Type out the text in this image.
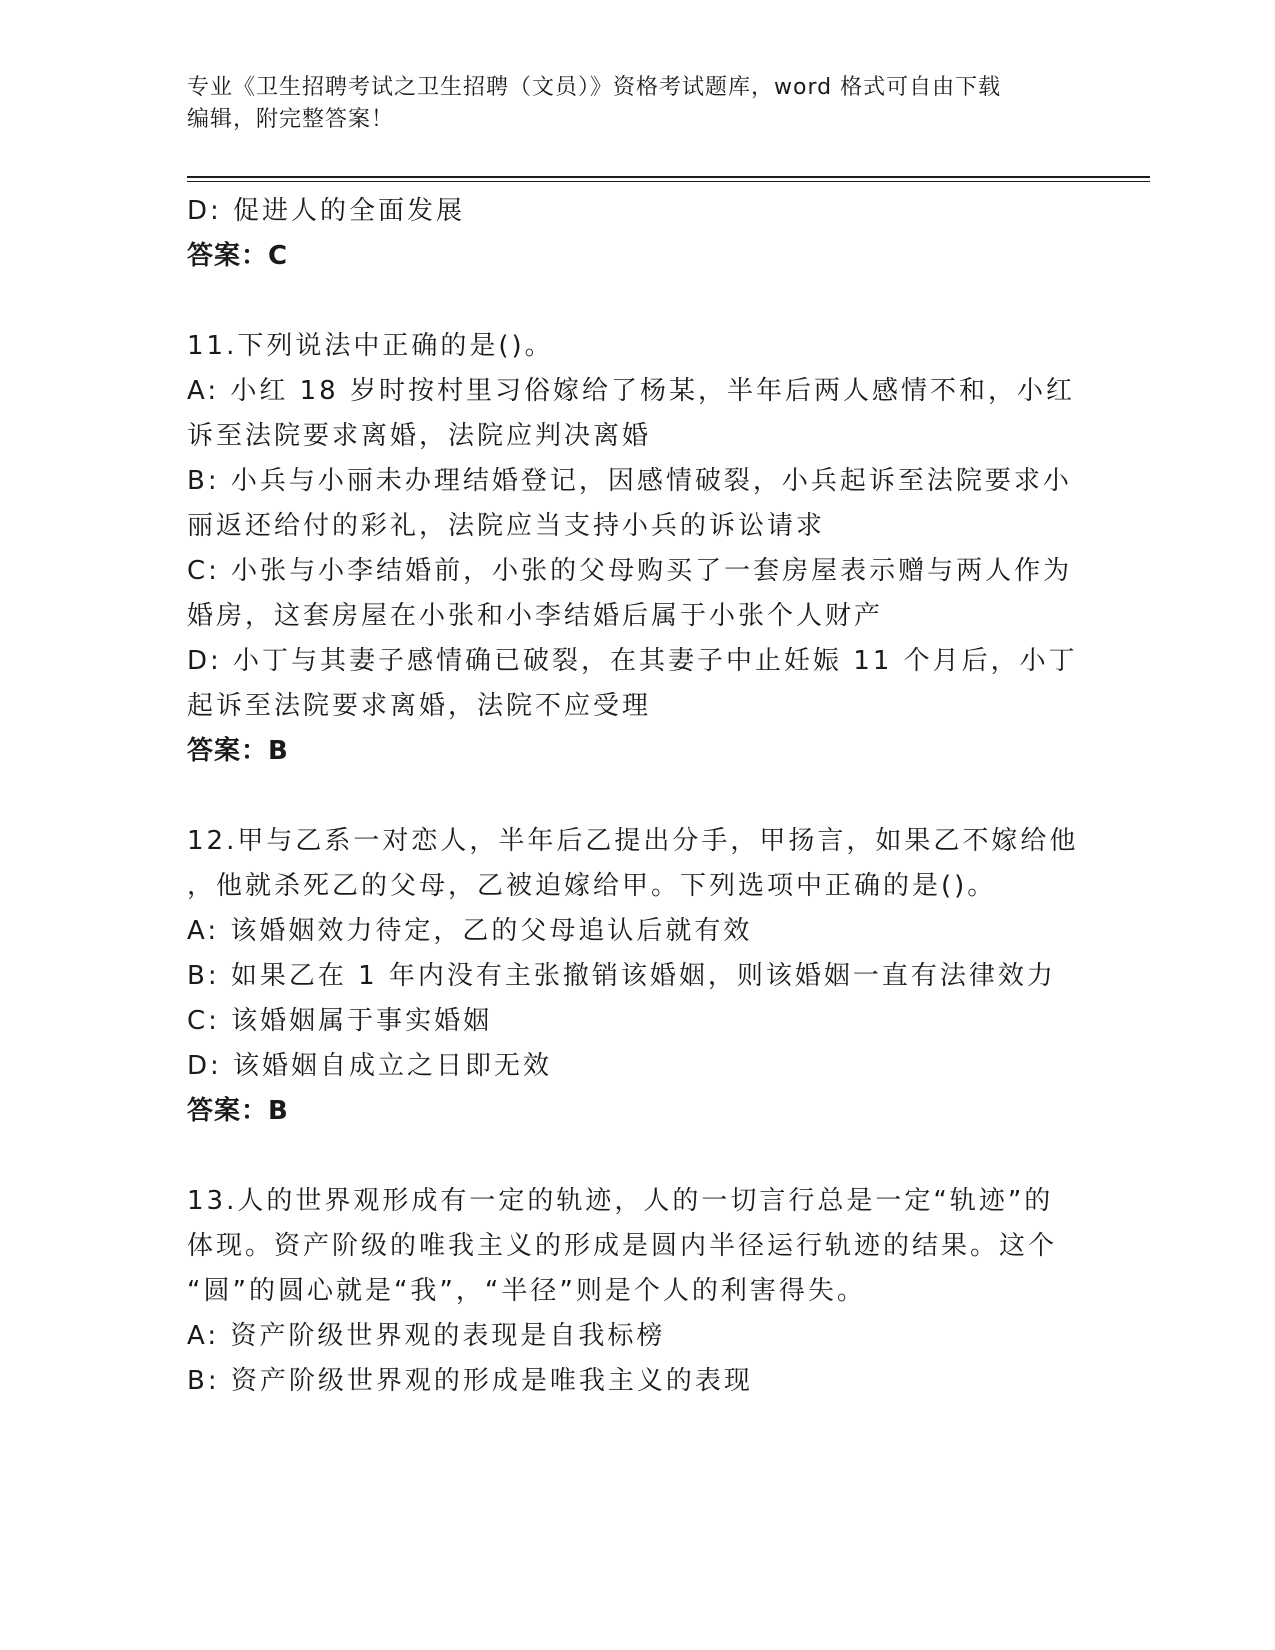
专业《卫生招聘考试之卫生招聘（文员）》资格考试题库，word 格式可自由下载
编辑，附完整答案！
D: 促进人的全面发展
答案：C
11.下列说法中正确的是()。
A: 小红 18 岁时按村里习俗嫁给了杨某，半年后两人感情不和，小红
诉至法院要求离婚，法院应判决离婚
B: 小兵与小丽未办理结婚登记，因感情破裂，小兵起诉至法院要求小
丽返还给付的彩礼，法院应当支持小兵的诉讼请求
C: 小张与小李结婚前，小张的父母购买了一套房屋表示赠与两人作为
婚房，这套房屋在小张和小李结婚后属于小张个人财产
D: 小丁与其妻子感情确已破裂，在其妻子中止妊娠 11 个月后，小丁
起诉至法院要求离婚，法院不应受理
答案：B
12.甲与乙系一对恋人，半年后乙提出分手，甲扬言，如果乙不嫁给他
，他就杀死乙的父母，乙被迫嫁给甲。下列选项中正确的是()。
A: 该婚姻效力待定，乙的父母追认后就有效
B: 如果乙在 1 年内没有主张撤销该婚姻，则该婚姻一直有法律效力
C: 该婚姻属于事实婚姻
D: 该婚姻自成立之日即无效
答案：B
13.人的世界观形成有一定的轨迹，人的一切言行总是一定“轨迹”的
体现。资产阶级的唯我主义的形成是圆内半径运行轨迹的结果。这个
“圆”的圆心就是“我”，“半径”则是个人的利害得失。
A: 资产阶级世界观的表现是自我标榜
B: 资产阶级世界观的形成是唯我主义的表现
